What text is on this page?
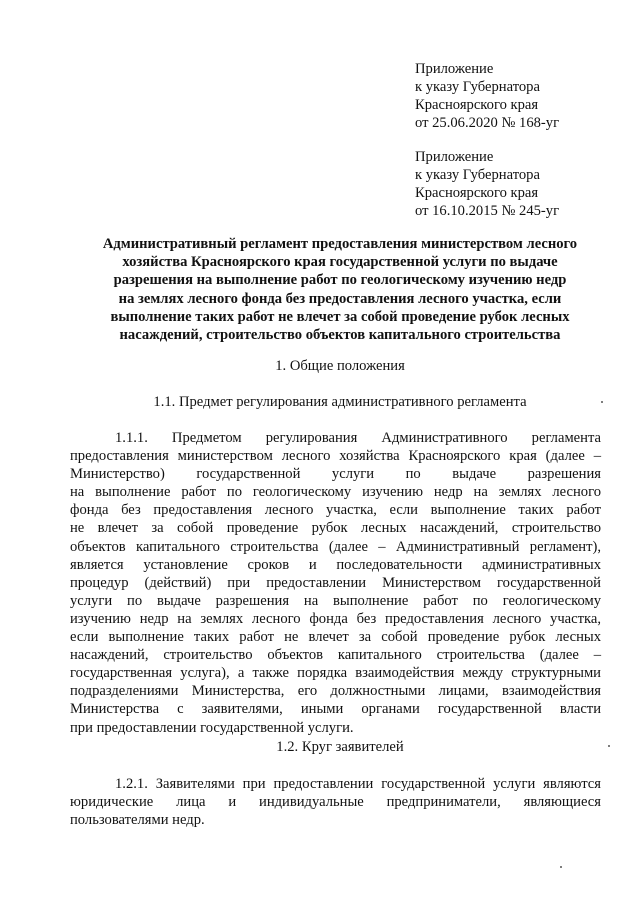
Приложение
к указу Губернатора
Красноярского края
от 25.06.2020 № 168-уг
Приложение
к указу Губернатора
Красноярского края
от 16.10.2015 № 245-уг
Административный регламент предоставления министерством лесного
хозяйства Красноярского края государственной услуги по выдаче
разрешения на выполнение работ по геологическому изучению недр
на землях лесного фонда без предоставления лесного участка, если
выполнение таких работ не влечет за собой проведение рубок лесных
насаждений, строительство объектов капитального строительства
1. Общие положения
1.1. Предмет регулирования административного регламента
1.1.1. Предметом регулирования Административного регламента
предоставления министерством лесного хозяйства Красноярского края (далее –
Министерство) государственной услуги по выдаче разрешения
на выполнение работ по геологическому изучению недр на землях лесного
фонда без предоставления лесного участка, если выполнение таких работ
не влечет за собой проведение рубок лесных насаждений, строительство
объектов капитального строительства (далее – Административный регламент),
является установление сроков и последовательности административных
процедур (действий) при предоставлении Министерством государственной
услуги по выдаче разрешения на выполнение работ по геологическому
изучению недр на землях лесного фонда без предоставления лесного участка,
если выполнение таких работ не влечет за собой проведение рубок лесных
насаждений, строительство объектов капитального строительства (далее –
государственная услуга), а также порядка взаимодействия между структурными
подразделениями Министерства, его должностными лицами, взаимодействия
Министерства с заявителями, иными органами государственной власти
при предоставлении государственной услуги.
1.2. Круг заявителей
1.2.1. Заявителями при предоставлении государственной услуги являются
юридические лица и индивидуальные предприниматели, являющиеся
пользователями недр.
